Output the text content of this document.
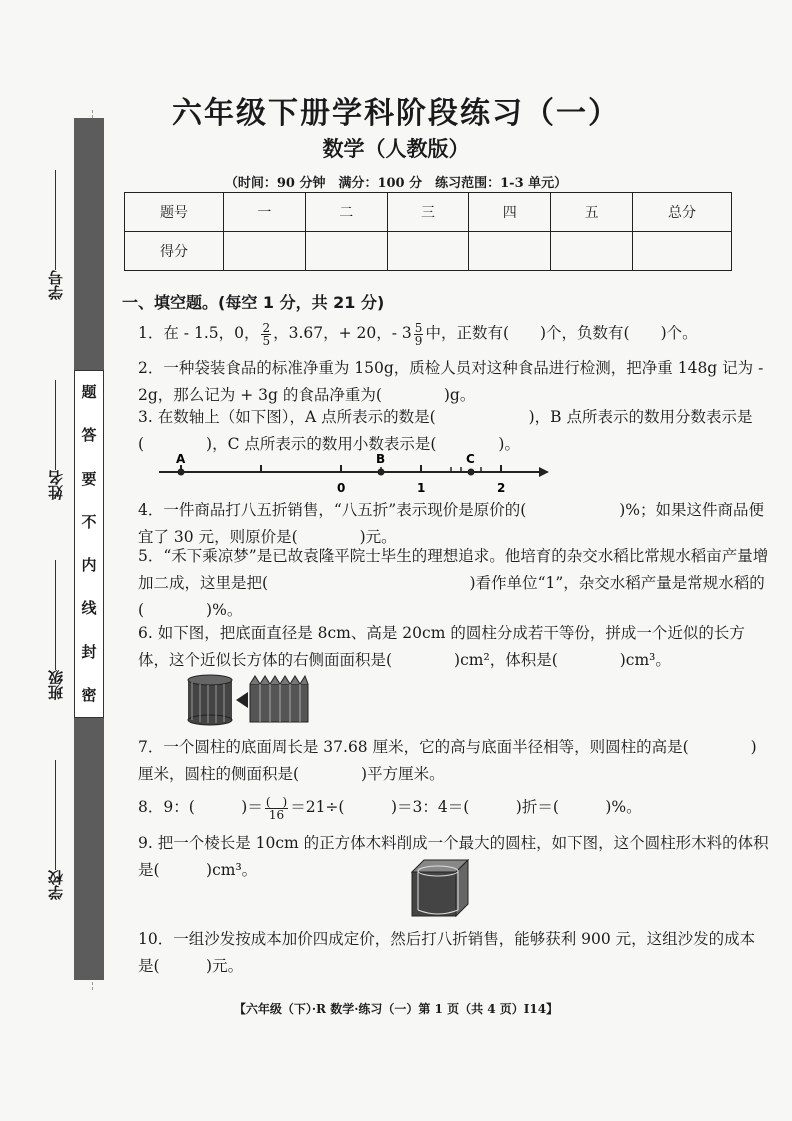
题
答
要
不
内
线
封
密
学号
姓名
班级
学校
六年级下册学科阶段练习（一）
数学（人教版）
（时间：90 分钟　满分：100 分　练习范围：1-3 单元）
题号	一	二	三	四	五	总分
得分						
一、填空题。(每空 1 分，共 21 分)
1．在 - 1.5，0， $\frac{2}{5}$ ，3.67，+ 20，- $3 \frac{5}{9}$ 中，正数有(　　)个，负数有(　　)个。
2．一种袋装食品的标准净重为 150g，质检人员对这种食品进行检测，把净重 148g 记为 - 2g，那么记为 + 3g 的食品净重为(　　　　)g。
3. 在数轴上（如下图），A 点所表示的数是(　　　　　　)，B 点所表示的数用分数表示是(　　　　)，C 点所表示的数用小数表示是(　　　　)。
A	B	C
0	1	2
4．一件商品打八五折销售，“八五折”表示现价是原价的(　　　　　　)%；如果这件商品便宜了 30 元，则原价是(　　　　)元。
5．“禾下乘凉梦”是已故袁隆平院士毕生的理想追求。他培育的杂交水稻比常规水稻亩产量增加二成，这里是把(　　　　　　　　　　　　　)看作单位“1”，杂交水稻产量是常规水稻的(　　　　)%。
6. 如下图，把底面直径是 8cm、高是 20cm 的圆柱分成若干等份，拼成一个近似的长方体，这个近似长方体的右侧面面积是(　　　　)cm²，体积是(　　　　)cm³。
7．一个圆柱的底面周长是 37.68 厘米，它的高与底面半径相等，则圆柱的高是(　　　　)厘米，圆柱的侧面积是(　　　　)平方厘米。
8．9：(　　　)＝ $\frac{( )}{16} =21\div$(　　　)＝3：4＝(　　　)折＝(　　　)%。
9. 把一个棱长是 10cm 的正方体木料削成一个最大的圆柱，如下图，这个圆柱形木料的体积是(　　　)cm³。
10．一组沙发按成本加价四成定价，然后打八折销售，能够获利 900 元，这组沙发的成本是(　　　)元。
【六年级（下）·R 数学·练习（一）第 1 页（共 4 页）I14】
